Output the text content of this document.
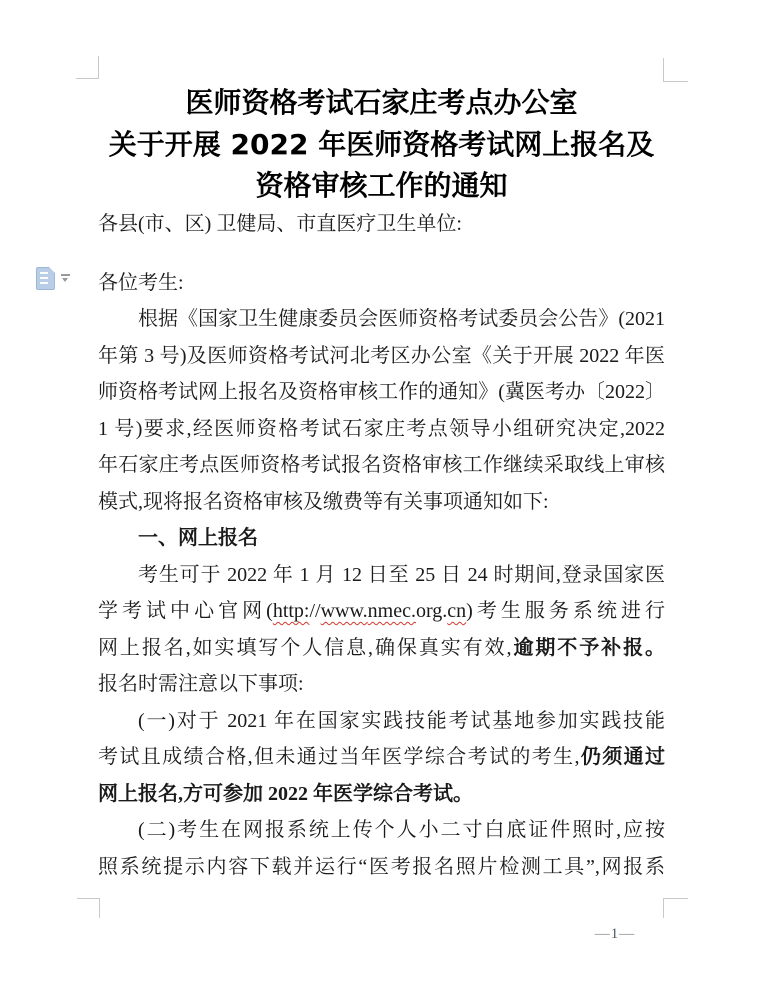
医师资格考试石家庄考点办公室
关于开展 2022 年医师资格考试网上报名及
资格审核工作的通知
各县(市、区) 卫健局、市直医疗卫生单位:
各位考生:
根据《国家卫生健康委员会医师资格考试委员会公告》(2021
年第 3 号)及医师资格考试河北考区办公室《关于开展 2022 年医
师资格考试网上报名及资格审核工作的通知》(冀医考办〔2022〕
1 号)要求,经医师资格考试石家庄考点领导小组研究决定,2022
年石家庄考点医师资格考试报名资格审核工作继续采取线上审核
模式,现将报名资格审核及缴费等有关事项通知如下:
一、网上报名
考生可于 2022 年 1 月 12 日至 25 日 24 时期间,登录国家医
学考试中心官网(http://www.nmec.org.cn)考生服务系统进行
网上报名,如实填写个人信息,确保真实有效,逾期不予补报。
报名时需注意以下事项:
(一)对于 2021 年在国家实践技能考试基地参加实践技能
考试且成绩合格,但未通过当年医学综合考试的考生,仍须通过
网上报名,方可参加 2022 年医学综合考试。
(二)考生在网报系统上传个人小二寸白底证件照时,应按
照系统提示内容下载并运行“医考报名照片检测工具”,网报系
—1—
